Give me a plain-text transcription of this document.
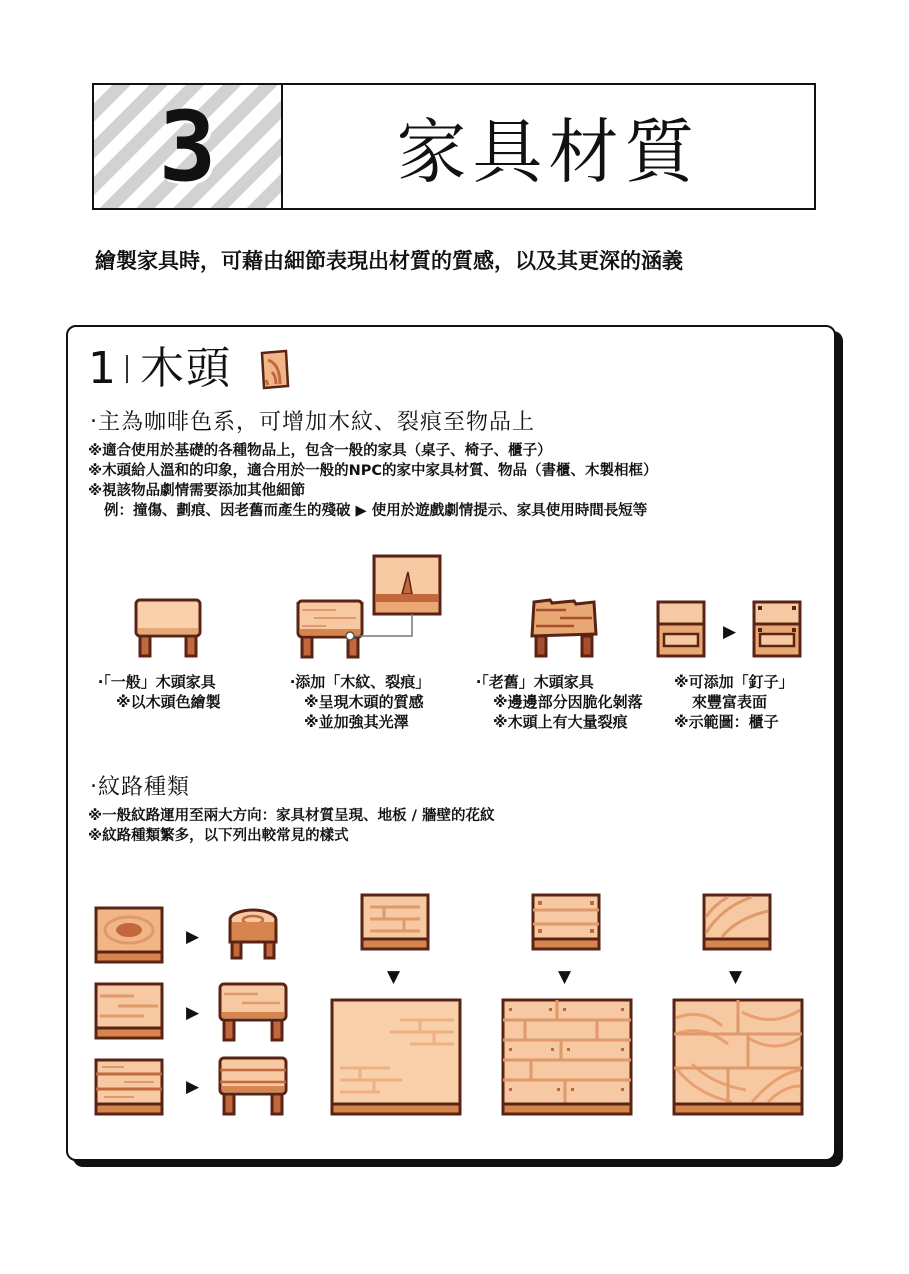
3	家具材質
繪製家具時，可藉由細節表現出材質的質感，以及其更深的涵義
1 木頭
‧主為咖啡色系，可增加木紋、裂痕至物品上
※適合使用於基礎的各種物品上，包含一般的家具（桌子、椅子、櫃子）
※木頭給人溫和的印象，適合用於一般的NPC的家中家具材質、物品（書櫃、木製相框）
※視該物品劇情需要添加其他細節
例：撞傷、劃痕、因老舊而產生的殘破 ▶ 使用於遊戲劇情提示、家具使用時間長短等
▶
‧「一般」木頭家具
※以木頭色繪製
‧添加「木紋、裂痕」
※呈現木頭的質感
※並加強其光澤
‧「老舊」木頭家具
※邊邊部分因脆化剝落
※木頭上有大量裂痕
※可添加「釘子」
來豐富表面
※示範圖：櫃子
‧紋路種類
※一般紋路運用至兩大方向：家具材質呈現、地板 / 牆壁的花紋
※紋路種類繁多，以下列出較常見的樣式
▶
▶
▶
▼	▼	▼
